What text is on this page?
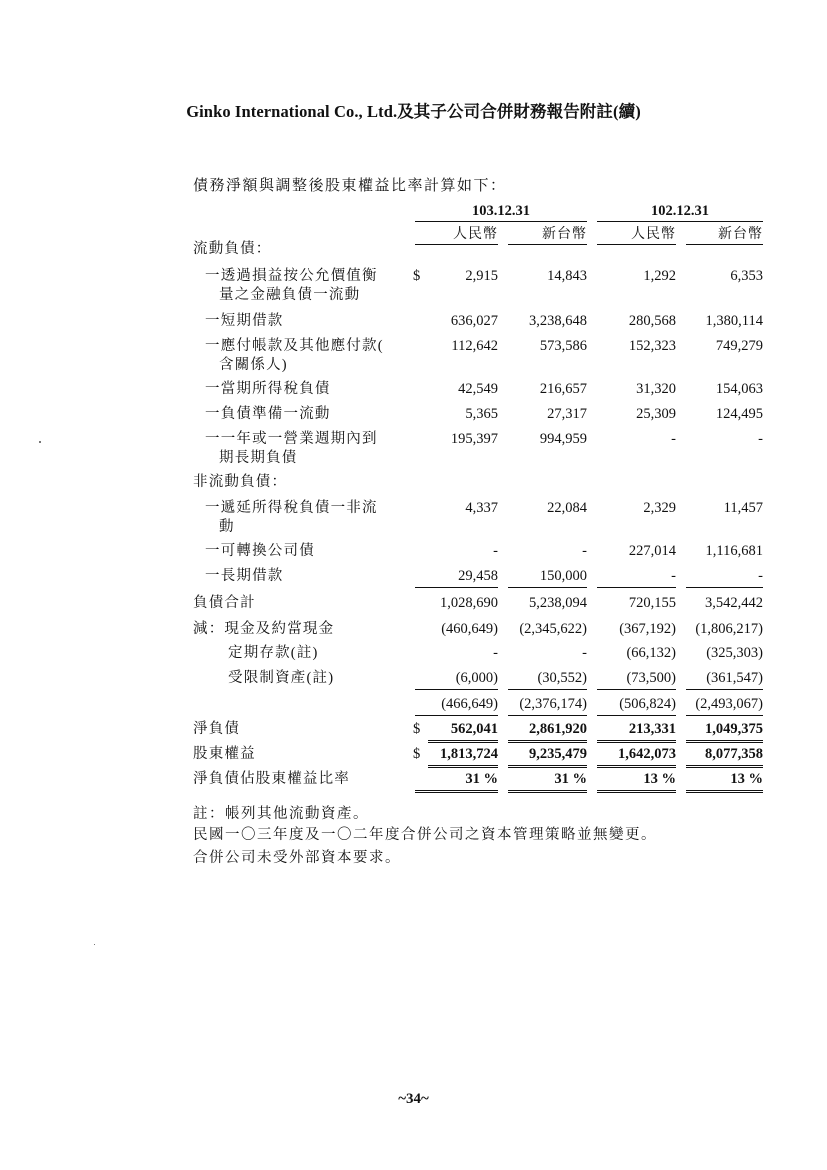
Ginko International Co., Ltd.及其子公司合併財務報告附註(續)
債務淨額與調整後股東權益比率計算如下：
103.12.31	102.12.31
人民幣	新台幣	人民幣	新台幣
流動負債：
一透過損益按公允價值衡
量之金融負債一流動
$	2,915	14,843	1,292	6,353
一短期借款	636,027	3,238,648	280,568	1,380,114
一應付帳款及其他應付款(
含關係人)
112,642	573,586	152,323	749,279
一當期所得稅負債	42,549	216,657	31,320	154,063
一負債準備一流動	5,365	27,317	25,309	124,495
一一年或一營業週期內到
期長期負債
195,397	994,959	-	-
非流動負債：
一遞延所得稅負債一非流
動
4,337	22,084	2,329	11,457
一可轉換公司債	-	-	227,014	1,116,681
一長期借款	29,458	150,000	-	-
負債合計	1,028,690	5,238,094	720,155	3,542,442
減：現金及約當現金	(460,649)	(2,345,622)	(367,192)	(1,806,217)
定期存款(註)	-	-	(66,132)	(325,303)
受限制資產(註)	(6,000)	(30,552)	(73,500)	(361,547)
(466,649)	(2,376,174)	(506,824)	(2,493,067)
淨負債	$	562,041	2,861,920	213,331	1,049,375
股東權益	$	1,813,724	9,235,479	1,642,073	8,077,358
淨負債佔股東權益比率	31 %	31 %	13 %	13 %
註：帳列其他流動資產。
民國一〇三年度及一〇二年度合併公司之資本管理策略並無變更。
合併公司未受外部資本要求。
~34~
